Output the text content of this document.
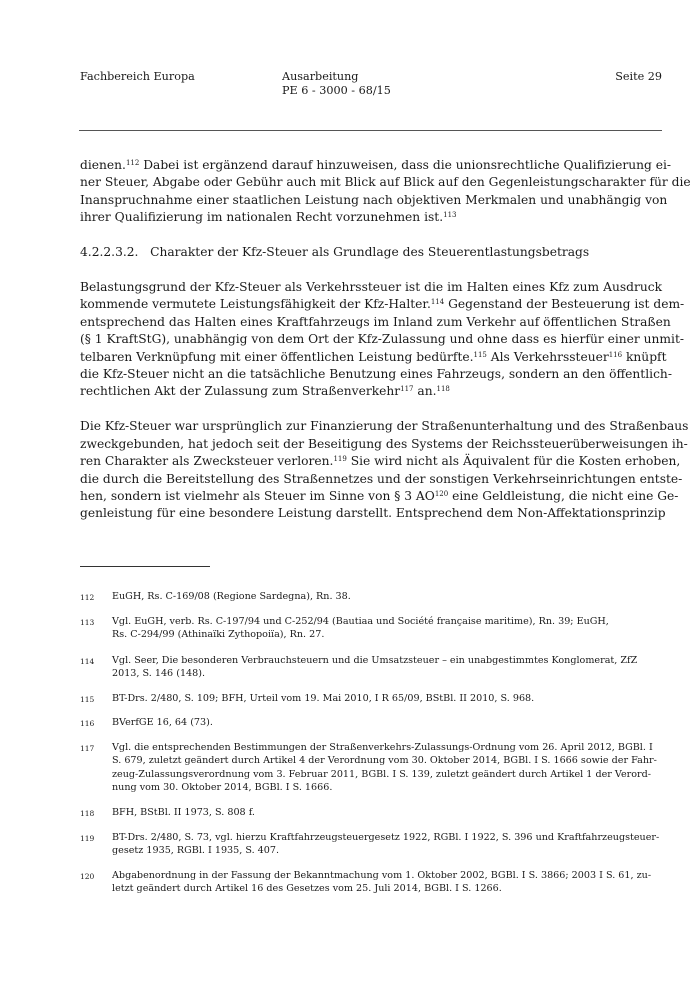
Fachbereich Europa	Ausarbeitung
PE 6 - 3000 - 68/15
Seite 29
dienen.$^{112}$ Dabei ist ergänzend darauf hinzuweisen, dass die unionsrechtliche Qualifizierung ei-
ner Steuer, Abgabe oder Gebühr auch mit Blick auf Blick auf den Gegenleistungscharakter für die
Inanspruchnahme einer staatlichen Leistung nach objektiven Merkmalen und unabhängig von
ihrer Qualifizierung im nationalen Recht vorzunehmen ist.$^{113}$
4.2.2.3.2.   Charakter der Kfz-Steuer als Grundlage des Steuerentlastungsbetrags
Belastungsgrund der Kfz-Steuer als Verkehrssteuer ist die im Halten eines Kfz zum Ausdruck
kommende vermutete Leistungsfähigkeit der Kfz-Halter.$^{114}$ Gegenstand der Besteuerung ist dem-
entsprechend das Halten eines Kraftfahrzeugs im Inland zum Verkehr auf öffentlichen Straßen
(§ 1 KraftStG), unabhängig von dem Ort der Kfz-Zulassung und ohne dass es hierfür einer unmit-
telbaren Verknüpfung mit einer öffentlichen Leistung bedürfte.$^{115}$ Als Verkehrssteuer$^{116}$ knüpft
die Kfz-Steuer nicht an die tatsächliche Benutzung eines Fahrzeugs, sondern an den öffentlich-
rechtlichen Akt der Zulassung zum Straßenverkehr$^{117}$ an.$^{118}$
Die Kfz-Steuer war ursprünglich zur Finanzierung der Straßenunterhaltung und des Straßenbaus
zweckgebunden, hat jedoch seit der Beseitigung des Systems der Reichssteuerüberweisungen ih-
ren Charakter als Zwecksteuer verloren.$^{119}$ Sie wird nicht als Äquivalent für die Kosten erhoben,
die durch die Bereitstellung des Straßennetzes und der sonstigen Verkehrseinrichtungen entste-
hen, sondern ist vielmehr als Steuer im Sinne von § 3 AO$^{120}$ eine Geldleistung, die nicht eine Ge-
genleistung für eine besondere Leistung darstellt. Entsprechend dem Non-Affektationsprinzip
112 EuGH, Rs. C-169/08 (Regione Sardegna), Rn. 38.
113 Vgl. EuGH, verb. Rs. C-197/94 und C-252/94 (Bautiaa und Société française maritime), Rn. 39; EuGH,
Rs. C-294/99 (Athinaïki Zythopoiïa), Rn. 27.
114 Vgl. Seer, Die besonderen Verbrauchsteuern und die Umsatzsteuer – ein unabgestimmtes Konglomerat, ZfZ
2013, S. 146 (148).
115 BT-Drs. 2/480, S. 109; BFH, Urteil vom 19. Mai 2010, I R 65/09, BStBl. II 2010, S. 968.
116 BVerfGE 16, 64 (73).
117 Vgl. die entsprechenden Bestimmungen der Straßenverkehrs-Zulassungs-Ordnung vom 26. April 2012, BGBl. I
S. 679, zuletzt geändert durch Artikel 4 der Verordnung vom 30. Oktober 2014, BGBl. I S. 1666 sowie der Fahr-
zeug-Zulassungsverordnung vom 3. Februar 2011, BGBl. I S. 139, zuletzt geändert durch Artikel 1 der Verord-
nung vom 30. Oktober 2014, BGBl. I S. 1666.
118 BFH, BStBl. II 1973, S. 808 f.
119 BT-Drs. 2/480, S. 73, vgl. hierzu Kraftfahrzeugsteuergesetz 1922, RGBl. I 1922, S. 396 und Kraftfahrzeugsteuer-
gesetz 1935, RGBl. I 1935, S. 407.
120 Abgabenordnung in der Fassung der Bekanntmachung vom 1. Oktober 2002, BGBl. I S. 3866; 2003 I S. 61, zu-
letzt geändert durch Artikel 16 des Gesetzes vom 25. Juli 2014, BGBl. I S. 1266.
